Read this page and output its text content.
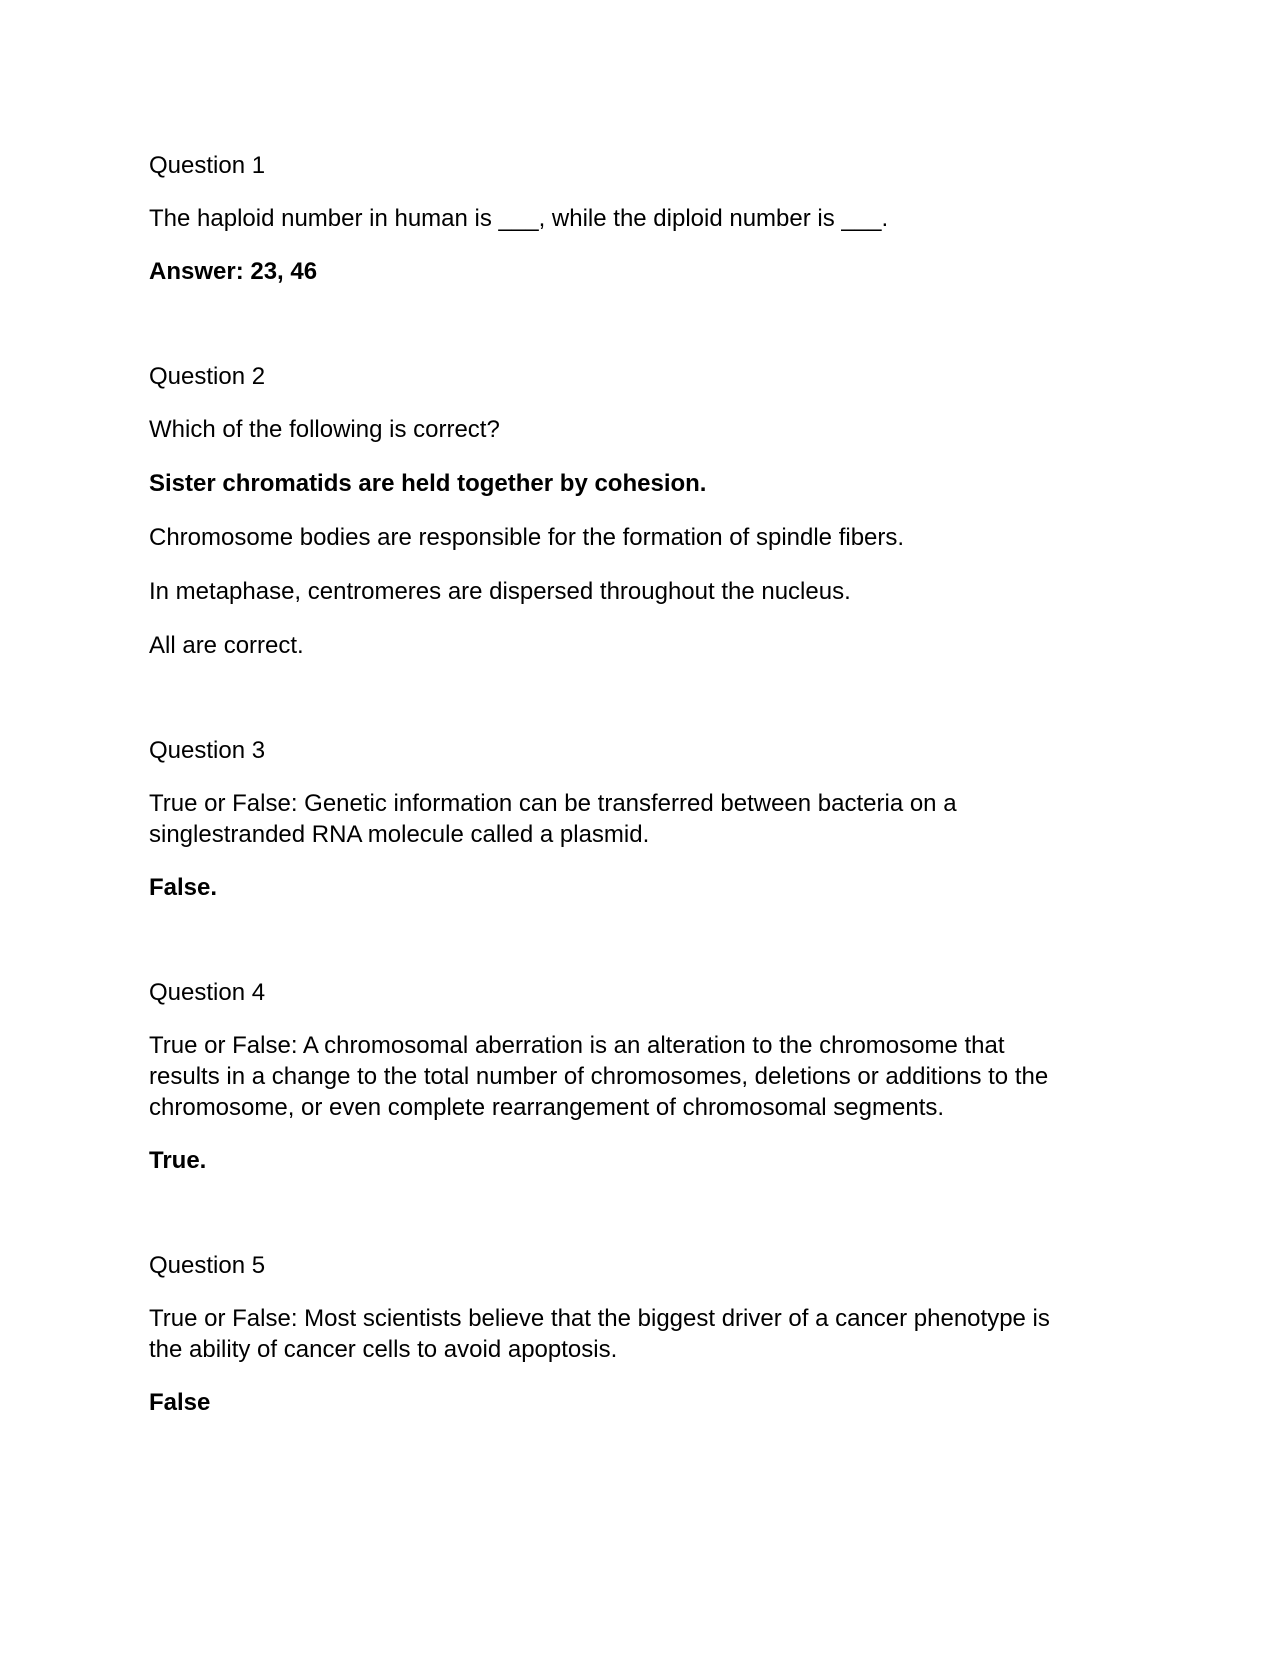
Question 1

The haploid number in human is ___, while the diploid number is ___.

Answer: 23, 46

Question 2

Which of the following is correct?

Sister chromatids are held together by cohesion.

Chromosome bodies are responsible for the formation of spindle fibers.

In metaphase, centromeres are dispersed throughout the nucleus.

All are correct.

Question 3

True or False: Genetic information can be transferred between bacteria on a
singlestranded RNA molecule called a plasmid.

False.

Question 4

True or False: A chromosomal aberration is an alteration to the chromosome that
results in a change to the total number of chromosomes, deletions or additions to the
chromosome, or even complete rearrangement of chromosomal segments.

True.

Question 5

True or False: Most scientists believe that the biggest driver of a cancer phenotype is
the ability of cancer cells to avoid apoptosis.

False
